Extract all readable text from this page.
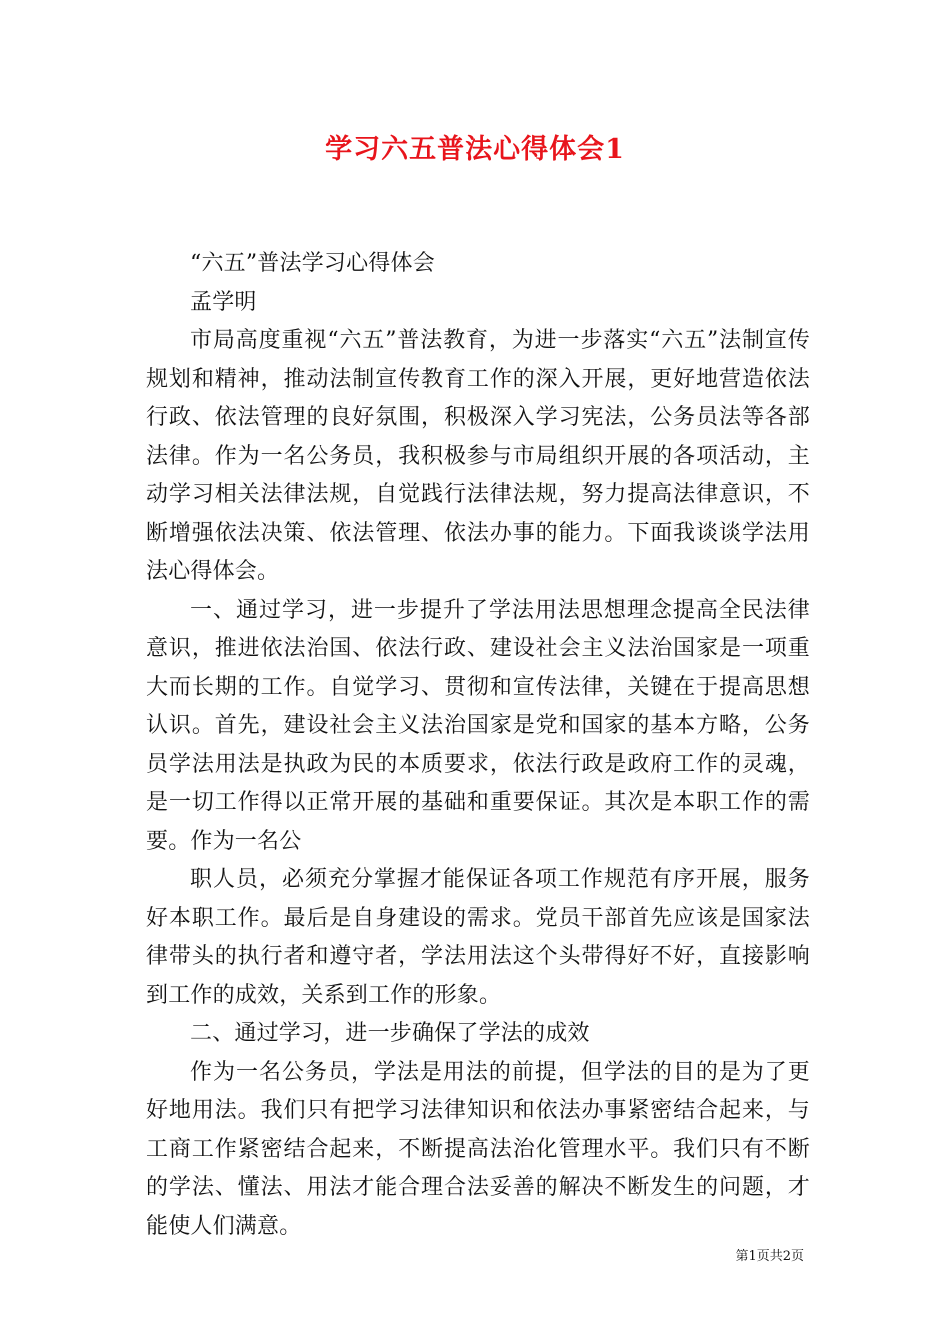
学习六五普法心得体会1

“六五”普法学习心得体会

孟学明

市局高度重视“六五”普法教育，为进一步落实“六五”法制宣传规划和精神，推动法制宣传教育工作的深入开展，更好地营造依法行政、依法管理的良好氛围，积极深入学习宪法，公务员法等各部法律。作为一名公务员，我积极参与市局组织开展的各项活动，主动学习相关法律法规，自觉践行法律法规，努力提高法律意识，不断增强依法决策、依法管理、依法办事的能力。下面我谈谈学法用法心得体会。

一、通过学习，进一步提升了学法用法思想理念提高全民法律意识，推进依法治国、依法行政、建设社会主义法治国家是一项重大而长期的工作。自觉学习、贯彻和宣传法律，关键在于提高思想认识。首先，建设社会主义法治国家是党和国家的基本方略，公务员学法用法是执政为民的本质要求，依法行政是政府工作的灵魂，是一切工作得以正常开展的基础和重要保证。其次是本职工作的需要。作为一名公

职人员，必须充分掌握才能保证各项工作规范有序开展，服务好本职工作。最后是自身建设的需求。党员干部首先应该是国家法律带头的执行者和遵守者，学法用法这个头带得好不好，直接影响到工作的成效，关系到工作的形象。

二、通过学习，进一步确保了学法的成效

作为一名公务员，学法是用法的前提，但学法的目的是为了更好地用法。我们只有把学习法律知识和依法办事紧密结合起来，与工商工作紧密结合起来，不断提高法治化管理水平。我们只有不断的学法、懂法、用法才能合理合法妥善的解决不断发生的问题，才能使人们满意。

第1页共2页
